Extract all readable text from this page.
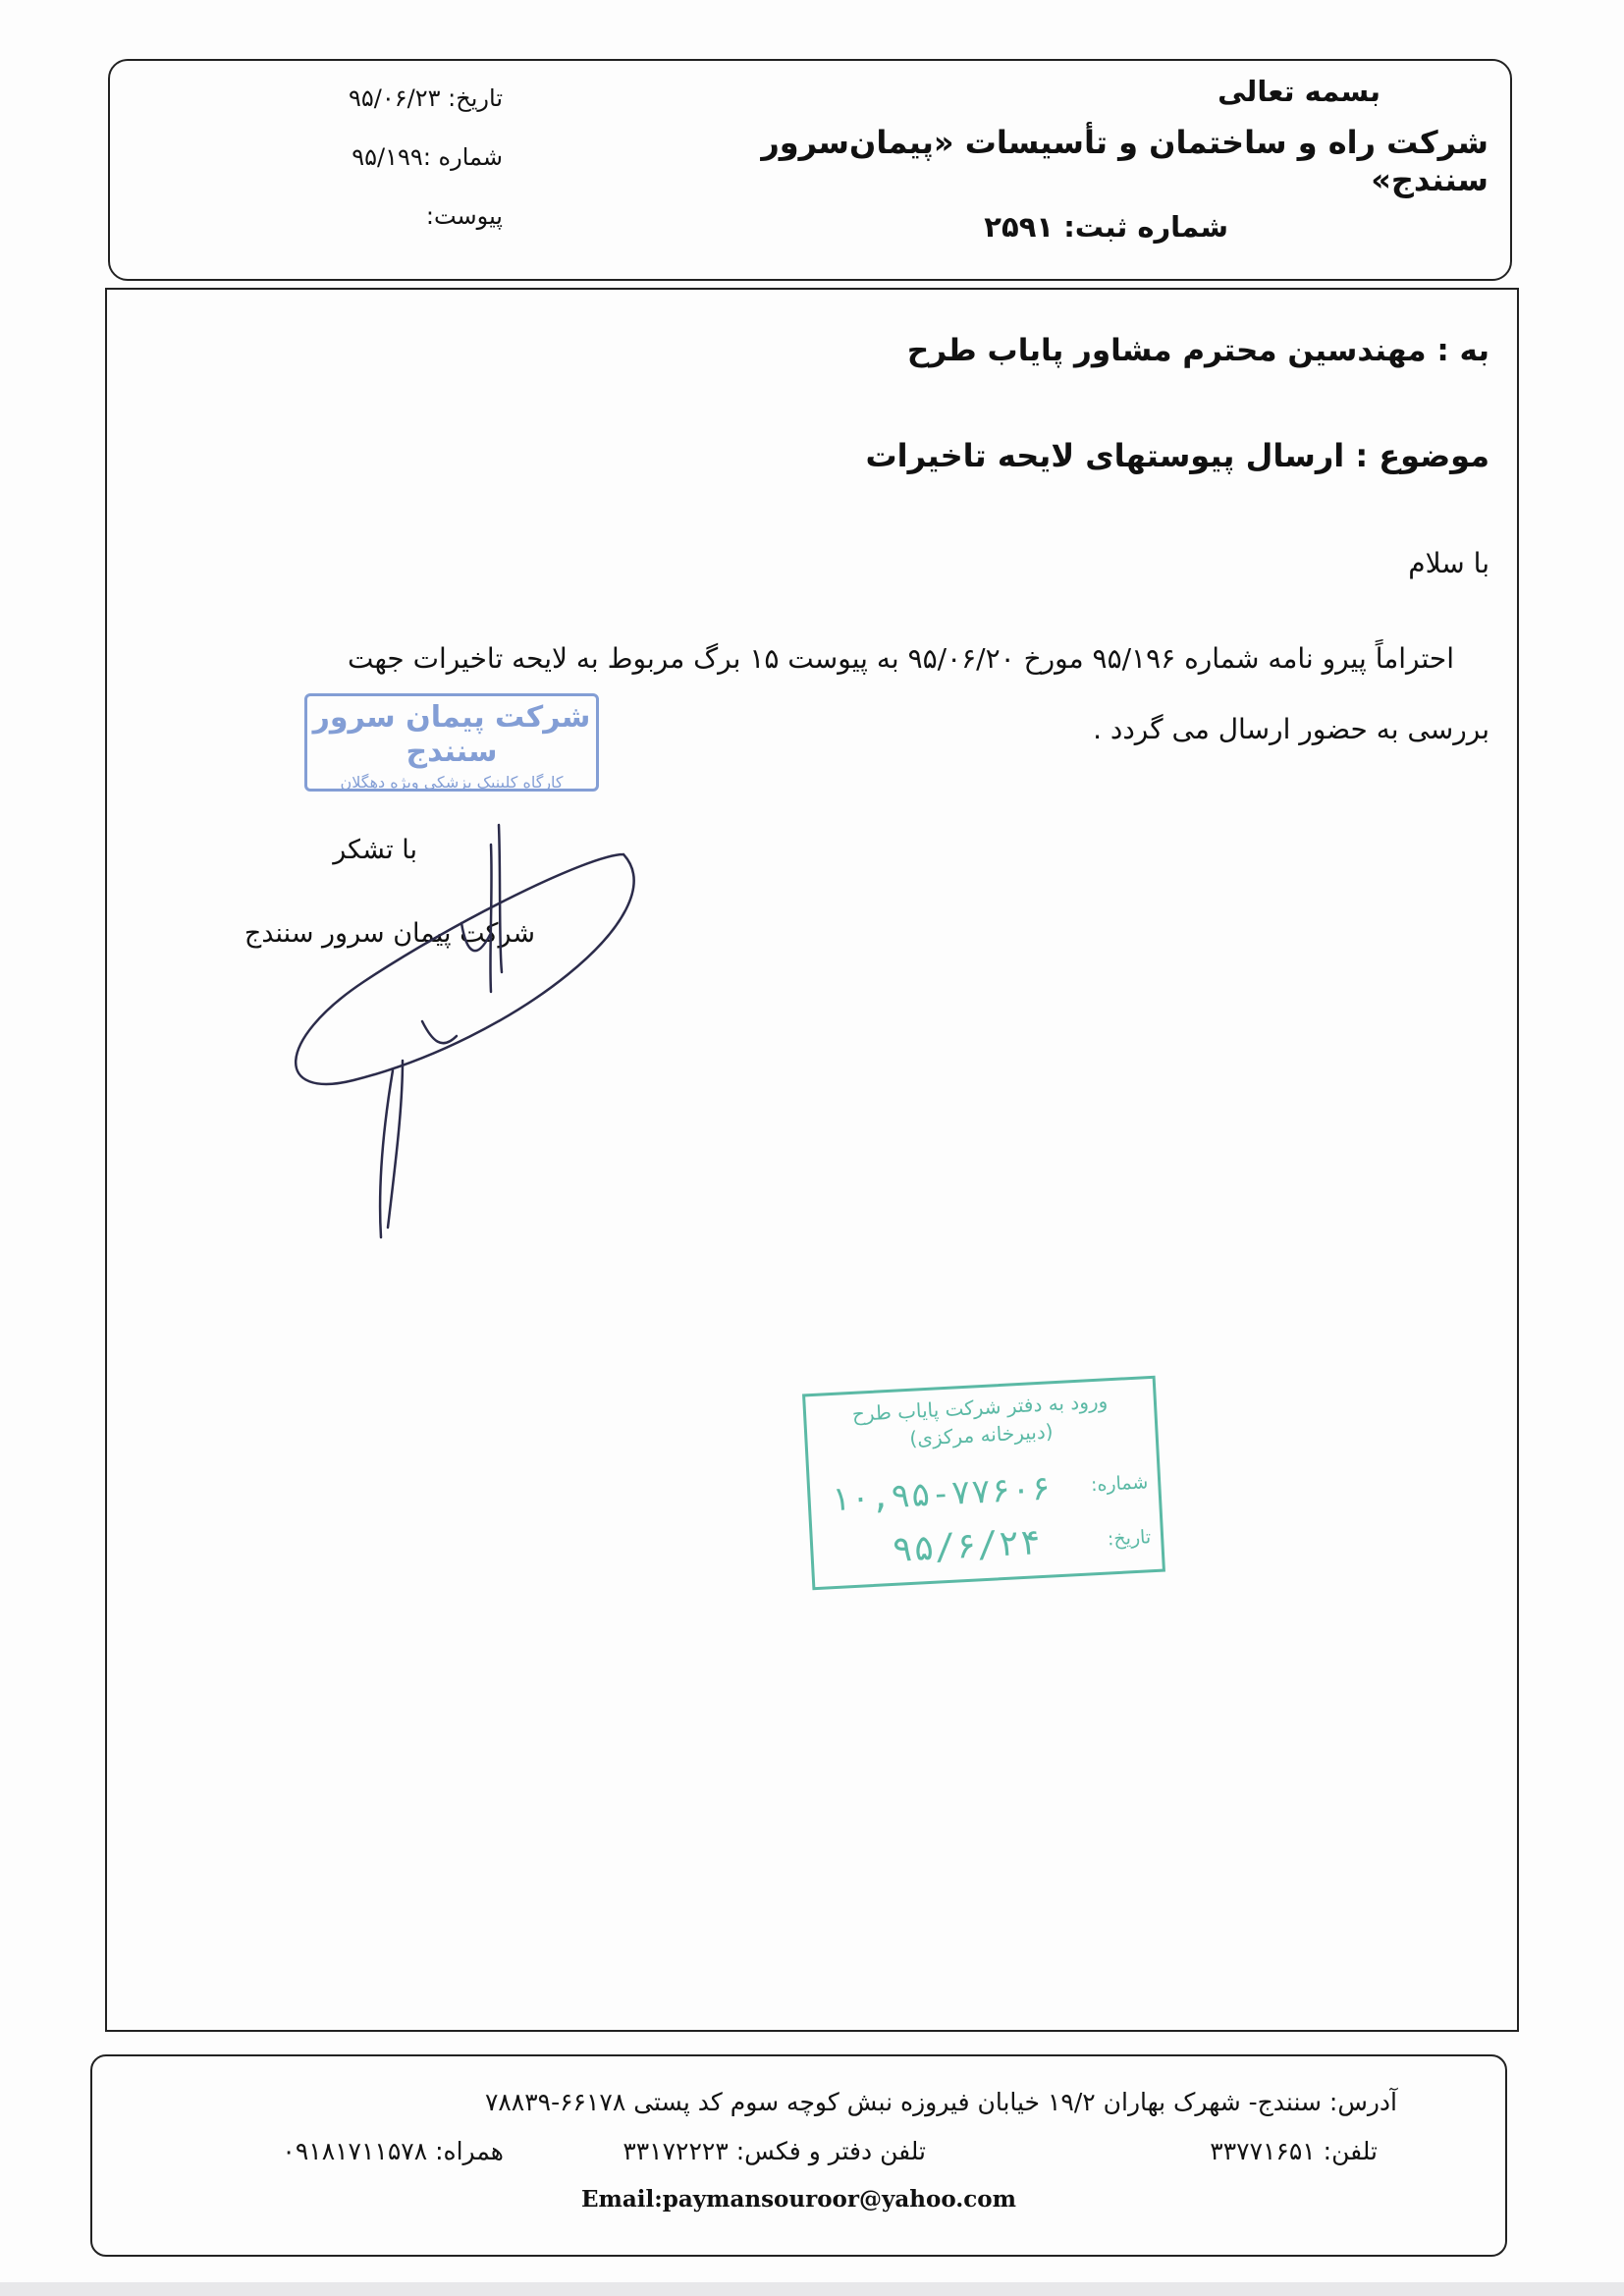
بسمه تعالی
شرکت راه و ساختمان و تأسیسات «پیمان‌سرور سنندج»
شماره ثبت: ۲۵۹۱
تاریخ: ۹۵/۰۶/۲۳
شماره :۹۵/۱۹۹
پیوست:
به : مهندسین محترم مشاور پایاب طرح
موضوع : ارسال پیوستهای لایحه تاخیرات
با سلام
احتراماً پیرو نامه شماره ۹۵/۱۹۶ مورخ ۹۵/۰۶/۲۰ به پیوست ۱۵ برگ مربوط به لایحه تاخیرات جهت
بررسی به حضور ارسال می گردد .
با تشکر
شرکت پیمان سرور سنندج
شرکت پیمان سرور سنندج
کارگاه کلینیک پزشکی ویژه دهگلان
ورود به دفتر شرکت پایاب طرح
(دبیرخانه مرکزی)
شماره:
۱۰,۹۵-۷۷۶۰۶
تاریخ:
۹۵/۶/۲۴
آدرس: سنندج- شهرک بهاران ۱۹/۲ خیابان فیروزه نبش کوچه سوم کد پستی ۶۶۱۷۸-۷۸۸۳۹
تلفن: ۳۳۷۷۱۶۵۱
تلفن دفتر و فکس: ۳۳۱۷۲۲۲۳
همراه: ۰۹۱۸۱۷۱۱۵۷۸
Email:paymansouroor@yahoo.com
